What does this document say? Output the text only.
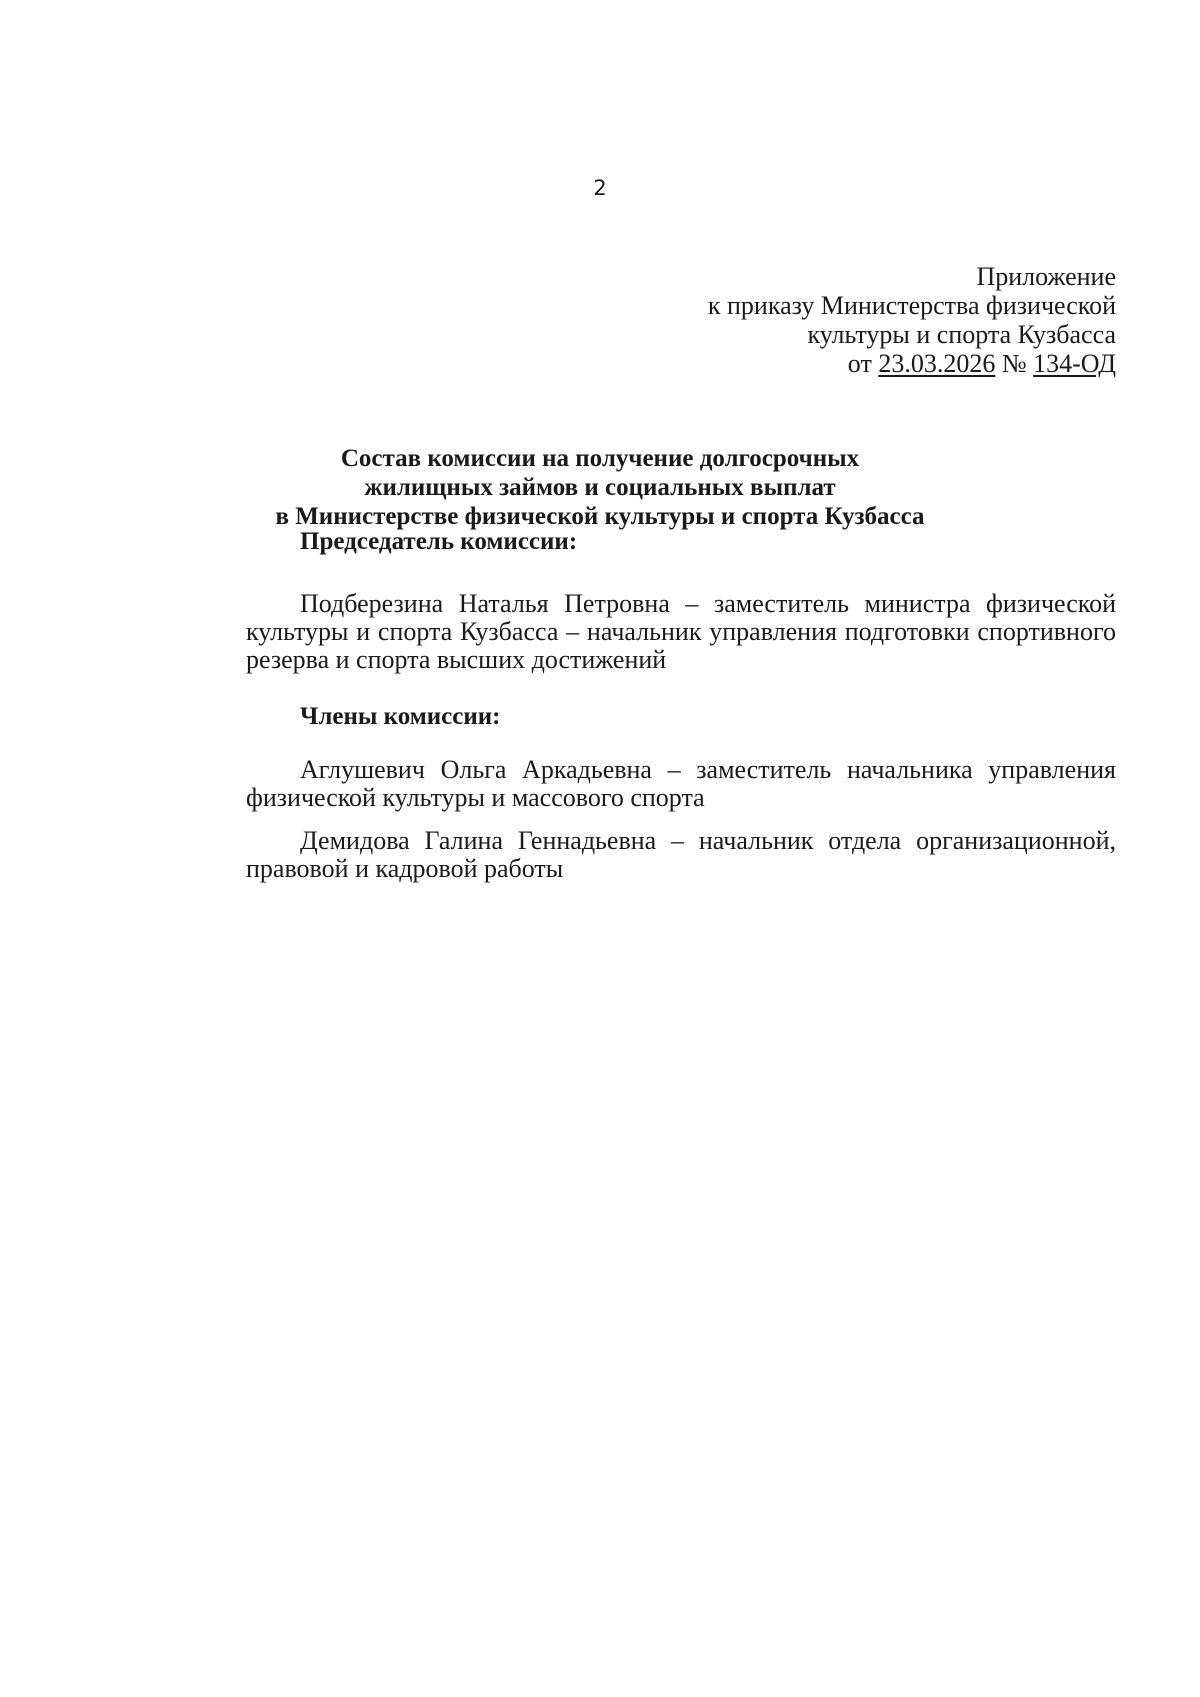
2
Приложение
к приказу Министерства физической
культуры и спорта Кузбасса
от 23.03.2026 № 134-ОД
Состав комиссии на получение долгосрочных
жилищных займов и социальных выплат
в Министерстве физической культуры и спорта Кузбасса
Председатель комиссии:
Подберезина Наталья Петровна – заместитель министра физической
культуры и спорта Кузбасса – начальник управления подготовки спортивного
резерва и спорта высших достижений
Члены комиссии:
Аглушевич Ольга Аркадьевна – заместитель начальника управления
физической культуры и массового спорта
Демидова Галина Геннадьевна – начальник отдела организационной,
правовой и кадровой работы
